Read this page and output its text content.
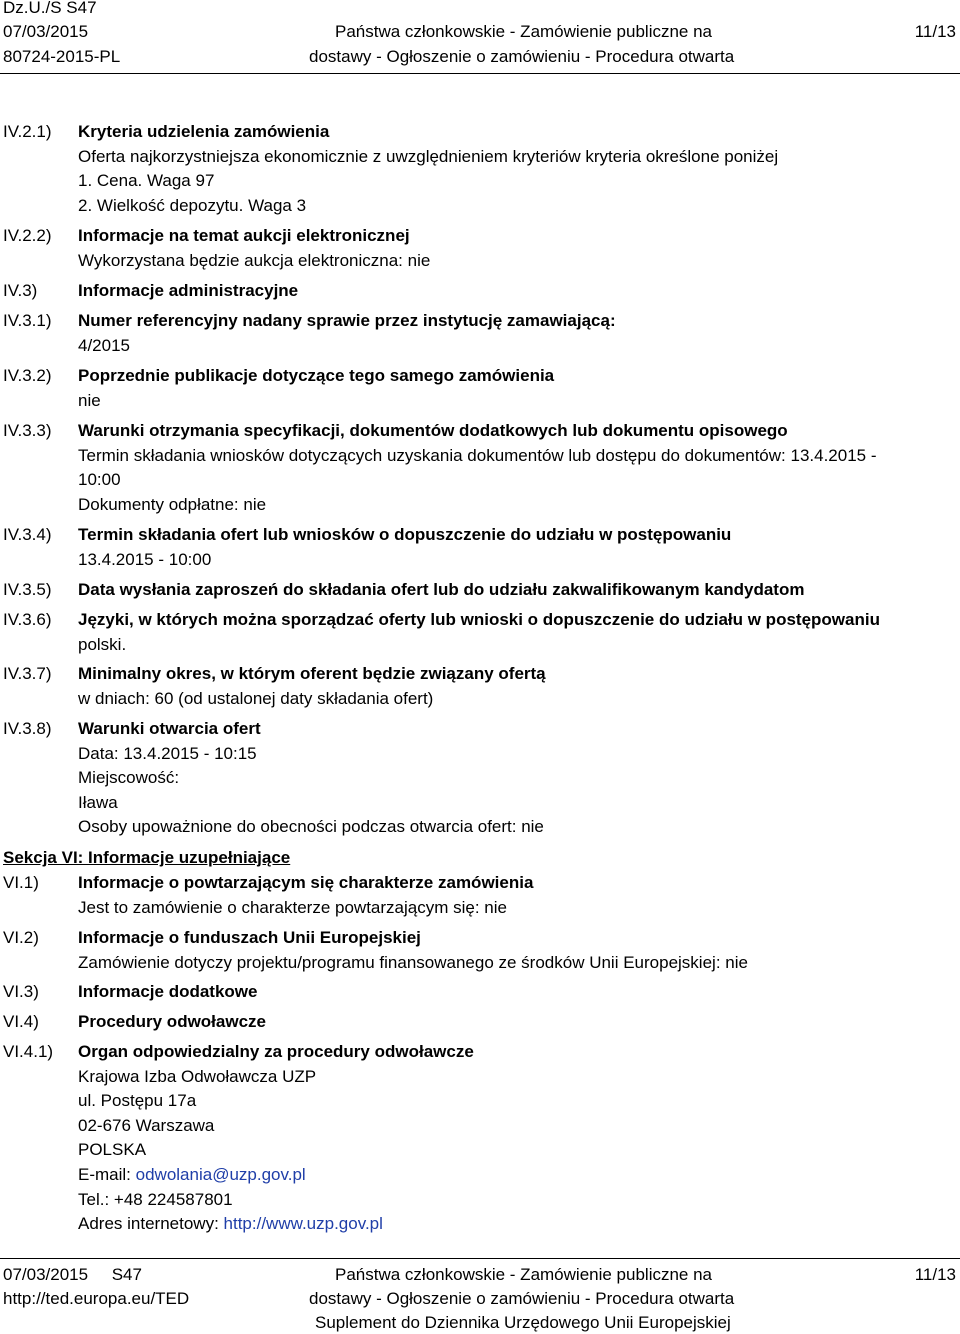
Dz.U./S S47
07/03/2015
80724-2015-PL
Państwa członkowskie - Zamówienie publiczne na
dostawy - Ogłoszenie o zamówieniu - Procedura otwarta
11/13
IV.2.1) Kryteria udzielenia zamówienia
Oferta najkorzystniejsza ekonomicznie z uwzględnieniem kryteriów kryteria określone poniżej
1. Cena. Waga 97
2. Wielkość depozytu. Waga 3
IV.2.2) Informacje na temat aukcji elektronicznej
Wykorzystana będzie aukcja elektroniczna: nie
IV.3) Informacje administracyjne
IV.3.1) Numer referencyjny nadany sprawie przez instytucję zamawiającą:
4/2015
IV.3.2) Poprzednie publikacje dotyczące tego samego zamówienia
nie
IV.3.3) Warunki otrzymania specyfikacji, dokumentów dodatkowych lub dokumentu opisowego
Termin składania wniosków dotyczących uzyskania dokumentów lub dostępu do dokumentów: 13.4.2015 -
10:00
Dokumenty odpłatne: nie
IV.3.4) Termin składania ofert lub wniosków o dopuszczenie do udziału w postępowaniu
13.4.2015 - 10:00
IV.3.5) Data wysłania zaproszeń do składania ofert lub do udziału zakwalifikowanym kandydatom
IV.3.6) Języki, w których można sporządzać oferty lub wnioski o dopuszczenie do udziału w postępowaniu
polski.
IV.3.7) Minimalny okres, w którym oferent będzie związany ofertą
w dniach: 60 (od ustalonej daty składania ofert)
IV.3.8) Warunki otwarcia ofert
Data: 13.4.2015 - 10:15
Miejscowość:
Iława
Osoby upoważnione do obecności podczas otwarcia ofert: nie
Sekcja VI: Informacje uzupełniające
VI.1) Informacje o powtarzającym się charakterze zamówienia
Jest to zamówienie o charakterze powtarzającym się: nie
VI.2) Informacje o funduszach Unii Europejskiej
Zamówienie dotyczy projektu/programu finansowanego ze środków Unii Europejskiej: nie
VI.3) Informacje dodatkowe
VI.4) Procedury odwoławcze
VI.4.1) Organ odpowiedzialny za procedury odwoławcze
Krajowa Izba Odwoławcza UZP
ul. Postępu 17a
02-676 Warszawa
POLSKA
E-mail: odwolania@uzp.gov.pl
Tel.: +48 224587801
Adres internetowy: http://www.uzp.gov.pl
07/03/2015 S47
http://ted.europa.eu/TED
Państwa członkowskie - Zamówienie publiczne na
dostawy - Ogłoszenie o zamówieniu - Procedura otwarta
Suplement do Dziennika Urzędowego Unii Europejskiej
11/13
